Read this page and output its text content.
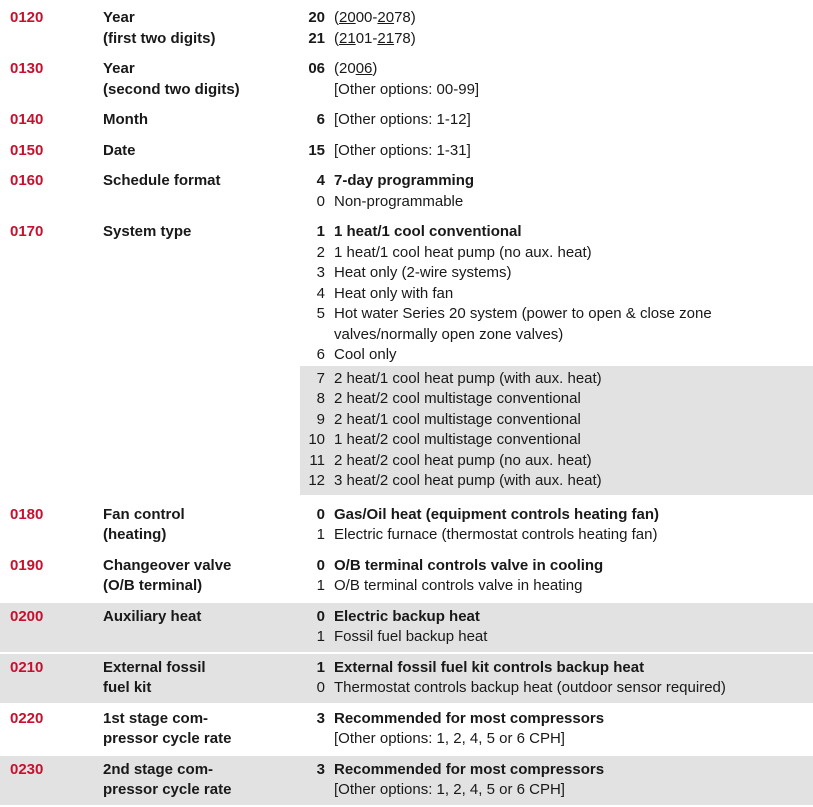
0120	Year
(first two digits)
20 (2000-2078)
21 (2101-2178)
0130	Year
(second two digits)
06 (2006)
[Other options: 00-99]
0140	Month	6 [Other options: 1-12]
0150	Date	15 [Other options: 1-31]
0160	Schedule format	4 7-day programming
0 Non-programmable
0170	System type	1 1 heat/1 cool conventional
2 1 heat/1 cool heat pump (no aux. heat)
3 Heat only (2-wire systems)
4 Heat only with fan
5 Hot water Series 20 system (power to open & close zone valves/normally open zone valves)
6 Cool only
7 2 heat/1 cool heat pump (with aux. heat)
8 2 heat/2 cool multistage conventional
9 2 heat/1 cool multistage conventional
10 1 heat/2 cool multistage conventional
11 2 heat/2 cool heat pump (no aux. heat)
12 3 heat/2 cool heat pump (with aux. heat)
0180	Fan control
(heating)
0 Gas/Oil heat (equipment controls heating fan)
1 Electric furnace (thermostat controls heating fan)
0190	Changeover valve
(O/B terminal)
0 O/B terminal controls valve in cooling
1 O/B terminal controls valve in heating
0200	Auxiliary heat	0 Electric backup heat
1 Fossil fuel backup heat
0210	External fossil
fuel kit
1 External fossil fuel kit controls backup heat
0 Thermostat controls backup heat (outdoor sensor required)
0220	1st stage com-
pressor cycle rate
3 Recommended for most compressors
[Other options: 1, 2, 4, 5 or 6 CPH]
0230	2nd stage com-
pressor cycle rate
3 Recommended for most compressors
[Other options: 1, 2, 4, 5 or 6 CPH]
